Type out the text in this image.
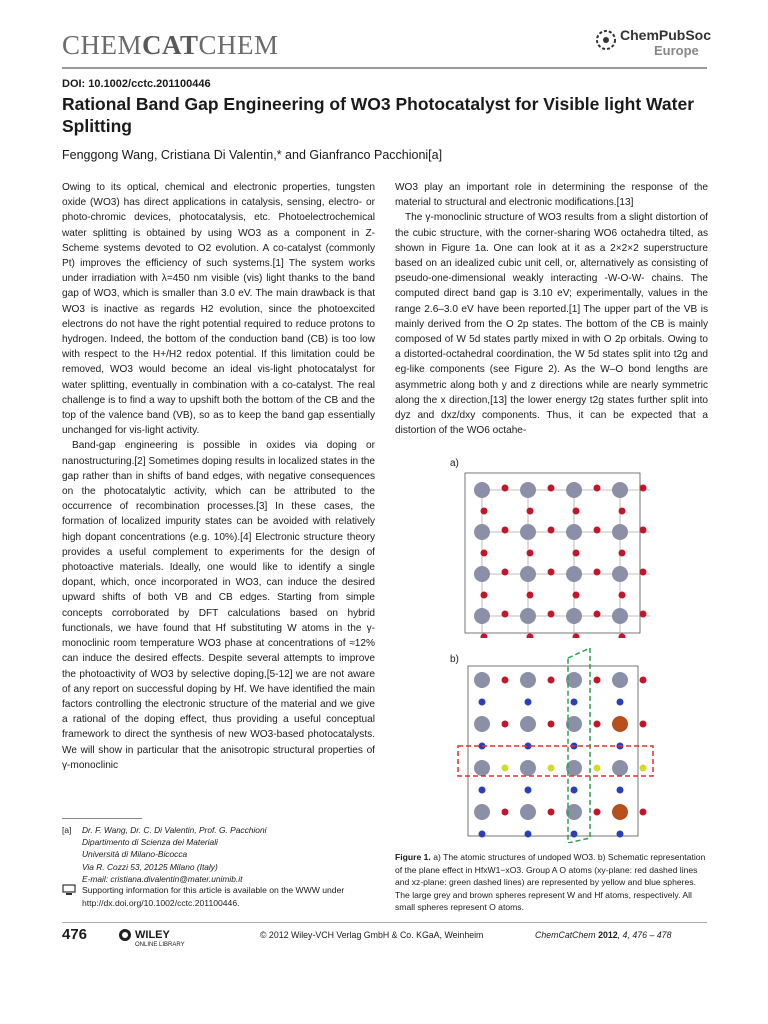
CHEMCATCHEM	ChemPubSoc
Europe
DOI: 10.1002/cctc.201100446
Rational Band Gap Engineering of WO3 Photocatalyst for Visible light Water Splitting
Fenggong Wang, Cristiana Di Valentin,* and Gianfranco Pacchioni[a]

Owing to its optical, chemical and electronic properties, tungsten oxide (WO3) has direct applications in catalysis, sensing, electro- or photo-chromic devices, photocatalysis, etc. Photoelectrochemical water splitting is obtained by using WO3 as a component in Z-Scheme systems devoted to O2 evolution. A co-catalyst (commonly Pt) improves the efficiency of such systems.[1] The system works under irradiation with λ=450 nm visible (vis) light thanks to the band gap of WO3, which is smaller than 3.0 eV. The main drawback is that WO3 is inactive as regards H2 evolution, since the photoexcited electrons do not have the right potential required to reduce protons to hydrogen. Indeed, the bottom of the conduction band (CB) is too low with respect to the H+/H2 redox potential. If this limitation could be removed, WO3 would become an ideal vis-light photocatalyst for water splitting, eventually in combination with a co-catalyst. The real challenge is to find a way to upshift both the bottom of the CB and the top of the valence band (VB), so as to keep the band gap essentially unchanged for vis-light activity.

Band-gap engineering is possible in oxides via doping or nanostructuring.[2] Sometimes doping results in localized states in the gap rather than in shifts of band edges, with negative consequences on the photocatalytic activity, which can be attributed to the occurrence of recombination processes.[3] In these cases, the formation of localized impurity states can be avoided with relatively high dopant concentrations (e.g. 10%).[4] Electronic structure theory provides a useful complement to experiments for the design of photoactive materials. Ideally, one would like to identify a single dopant, which, once incorporated in WO3, can induce the desired upward shifts of both VB and CB edges. Starting from simple concepts corroborated by DFT calculations based on hybrid functionals, we have found that Hf substituting W atoms in the γ-monoclinic room temperature WO3 phase at concentrations of ≈12% can induce the desired effects. Despite several attempts to improve the photoactivity of WO3 by selective doping,[5-12] we are not aware of any report on successful doping by Hf. We have identified the main factors controlling the electronic structure of the material and we give a rational of the doping effect, thus providing a useful conceptual framework to direct the synthesis of new WO3-based photocatalysts. We will show in particular that the anisotropic structural properties of γ-monoclinic

WO3 play an important role in determining the response of the material to structural and electronic modifications.[13]

The γ-monoclinic structure of WO3 results from a slight distortion of the cubic structure, with the corner-sharing WO6 octahedra tilted, as shown in Figure 1a. One can look at it as a 2×2×2 superstructure based on an idealized cubic unit cell, or, alternatively as consisting of pseudo-one-dimensional weakly interacting -W-O-W- chains. The computed direct band gap is 3.10 eV; experimentally, values in the range 2.6–3.0 eV have been reported.[1] The upper part of the VB is mainly derived from the O 2p states. The bottom of the CB is mainly composed of W 5d states partly mixed in with O 2p orbitals. Owing to a distorted-octahedral coordination, the W 5d states split into t2g and eg-like components (see Figure 2). As the W–O bond lengths are asymmetric along both y and z directions while are nearly symmetric along the x direction,[13] the lower energy t2g states further split into dyz and dxz/dxy components. Thus, it can be expected that a distortion of the WO6 octahe-

a)
b)
Figure 1. a) The atomic structures of undoped WO3. b) Schematic representation of the plane effect in HfxW1−xO3. Group A O atoms (xy-plane: red dashed lines and xz-plane: green dashed lines) are represented by yellow and blue spheres. The large grey and brown spheres represent W and Hf atoms, respectively. All small spheres represent O atoms.
[a]	Dr. F. Wang, Dr. C. Di Valentin, Prof. G. Pacchioni
Dipartimento di Scienza dei Materiali
Università di Milano-Bicocca
Via R. Cozzi 53, 20125 Milano (Italy)
E-mail: cristiana.divalentin@mater.unimib.it
Supporting information for this article is available on the WWW under http://dx.doi.org/10.1002/cctc.201100446.
476	WILEY
ONLINE LIBRARY
© 2012 Wiley-VCH Verlag GmbH & Co. KGaA, Weinheim	ChemCatChem 2012, 4, 476 – 478
